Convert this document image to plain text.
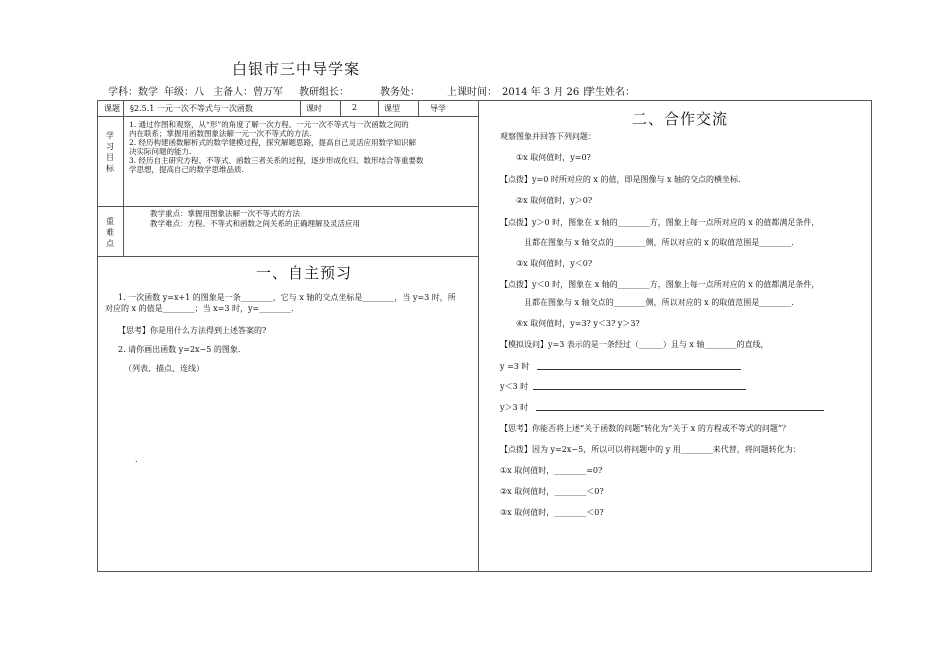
白银市三中导学案
学科：数学 年级：八 主备人：曾万军 教研组长：	教务处：	上课时间： 2014 年 3 月 26 日
学生姓名：
课题 §2.5.1 一元一次不等式与一次函数	课时	2	课型	导学
学
习
目
标
1. 通过作图和观察，从“形”的角度了解一次方程、一元一次不等式与一次函数之间的
内在联系；掌握用函数图象法解一元一次不等式的方法.
2. 经历构建函数解析式的数学建模过程，探究解题思路，提高自己灵活应用数学知识解
决实际问题的能力.
3. 经历自主研究方程、不等式、函数三者关系的过程，逐步形成化归、数形结合等重要数
学思想，提高自己的数学思维品质.
重
难
点
教学重点：掌握用图象法解一次不等式的方法
教学难点：方程、不等式和函数之间关系的正确理解及灵活应用
一、自主预习
1. 一次函数 y=x+1 的图象是一条________，它与 x 轴的交点坐标是________，当 y=3 时，所
对应的 x 的值是________；当 x=3 时，y=________.
【思考】你是用什么方法得到上述答案的?
2. 请你画出函数 y=2x−5 的图象.
（列表、描点、连线）
.
二、合作交流
观察图象并回答下列问题：
①x 取何值时，y=0?
【点拨】y=0 时所对应的 x 的值，即是图像与 x 轴的交点的横坐标.
②x 取何值时，y＞0?
【点拨】y＞0 时，图象在 x 轴的________方，图象上每一点所对应的 x 的值都满足条件，
且都在图象与 x 轴交点的________侧，所以对应的 x 的取值范围是________.
③x 取何值时，y＜0?
【点拨】y＜0 时，图象在 x 轴的________方，图象上每一点所对应的 x 的值都满足条件，
且都在图象与 x 轴交点的________侧，所以对应的 x 的取值范围是________.
④x 取何值时，y=3? y＜3? y＞3?
【模拟设问】y=3 表示的是一条经过（______）且与 x 轴________的直线，
y =3 时
y＜3 时
y＞3 时
【思考】你能否将上述“关于函数的问题”转化为“关于 x 的方程或不等式的问题”？
【点拨】因为 y=2x−5，所以可以将问题中的 y 用________来代替，将问题转化为：
①x 取何值时，________=0?
②x 取何值时，________＜0?
③x 取何值时，________＜0?
